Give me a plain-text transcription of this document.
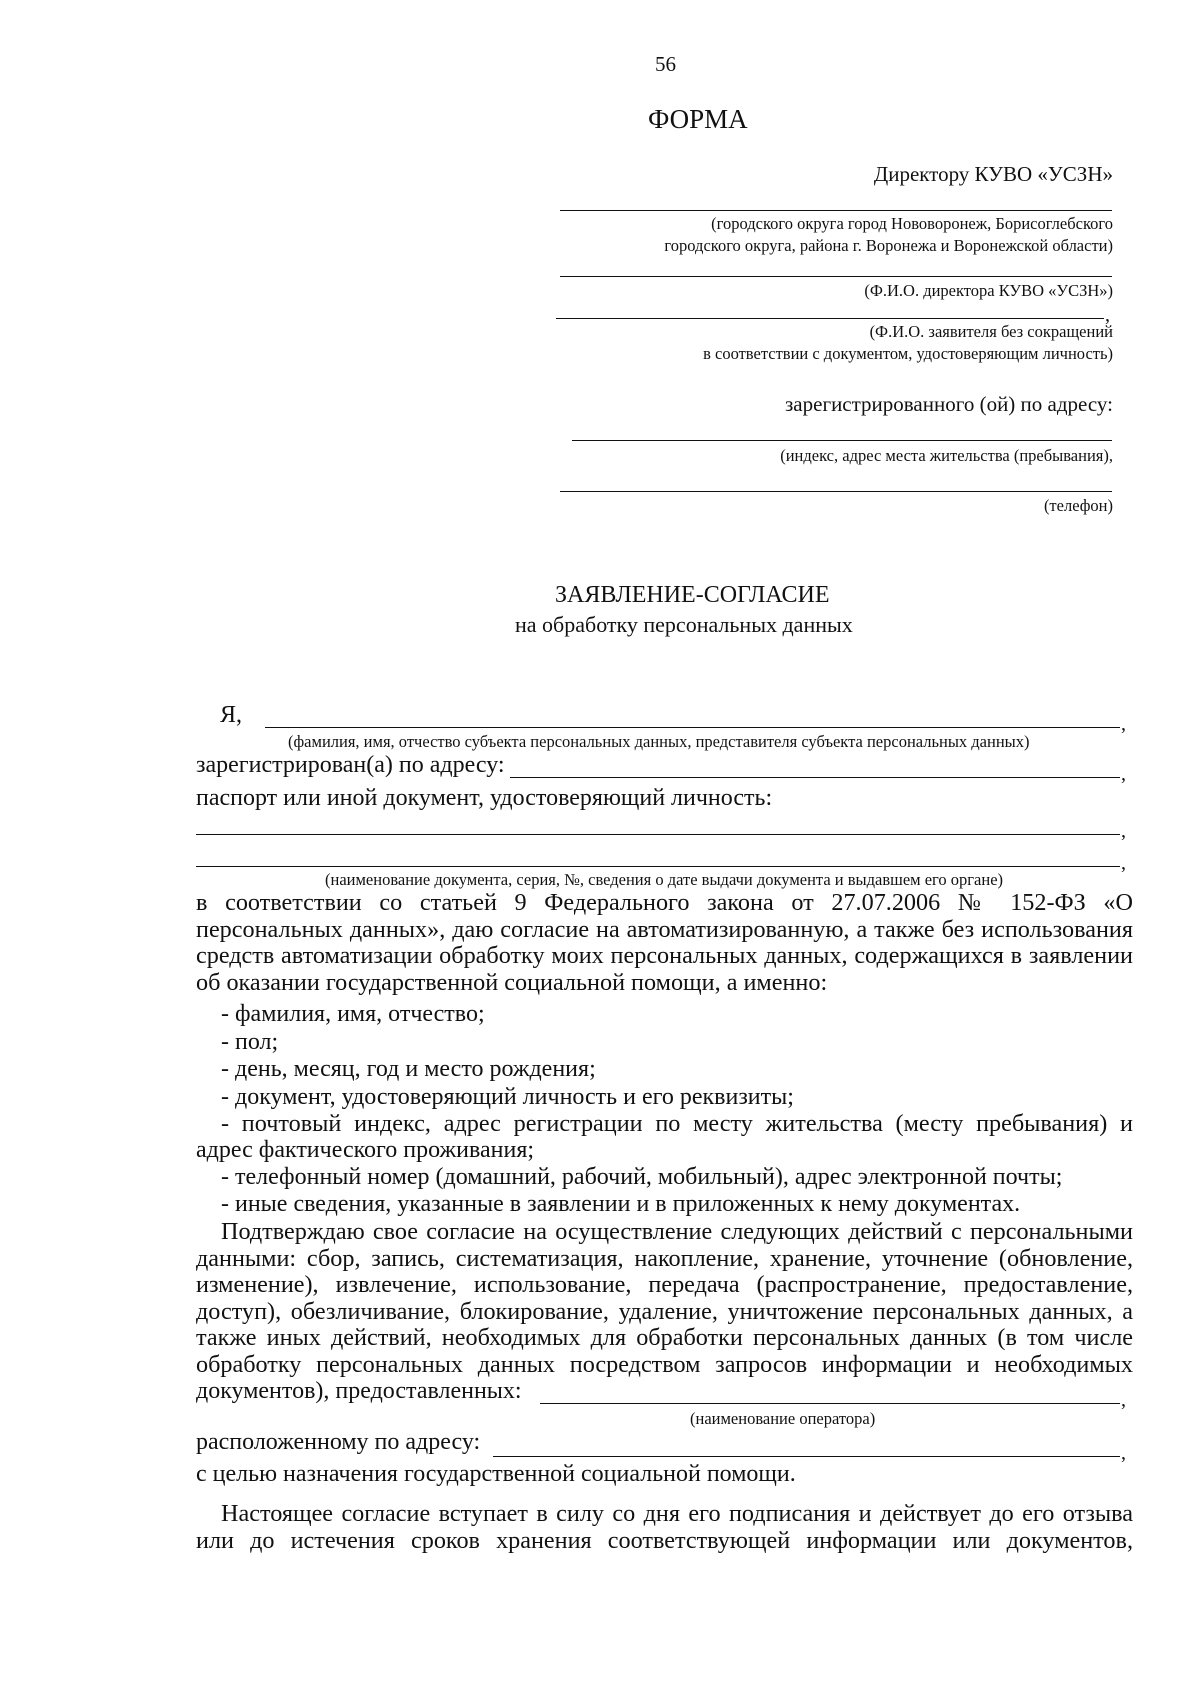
56
ФОРМА
Директору КУВО «УСЗН»
(городского округа город Нововоронеж, Борисоглебского
городского округа, района г. Воронежа и Воронежской области)
(Ф.И.О. директора КУВО «УСЗН»)
,
(Ф.И.О. заявителя без сокращений
в соответствии с документом, удостоверяющим личность)
зарегистрированного (ой) по адресу:
(индекс, адрес места жительства (пребывания),
(телефон)
ЗАЯВЛЕНИЕ-СОГЛАСИЕ
на обработку персональных данных
Я,	,
(фамилия, имя, отчество субъекта персональных данных, представителя субъекта персональных данных)
зарегистрирован(а) по адресу:	,
паспорт или иной документ, удостоверяющий личность:
,
,
(наименование документа, серия, №, сведения о дате выдачи документа и выдавшем его органе)
в соответствии со статьей 9 Федерального закона от 27.07.2006 № 152-ФЗ «О
персональных данных», даю согласие на автоматизированную, а также без использования
средств автоматизации обработку моих персональных данных, содержащихся в заявлении
об оказании государственной социальной помощи, а именно:
- фамилия, имя, отчество;
- пол;
- день, месяц, год и место рождения;
- документ, удостоверяющий личность и его реквизиты;
- почтовый индекс, адрес регистрации по месту жительства (месту пребывания) и
адрес фактического проживания;
- телефонный номер (домашний, рабочий, мобильный), адрес электронной почты;
- иные сведения, указанные в заявлении и в приложенных к нему документах.
Подтверждаю свое согласие на осуществление следующих действий с персональными
данными: сбор, запись, систематизация, накопление, хранение, уточнение (обновление,
изменение), извлечение, использование, передача (распространение, предоставление,
доступ), обезличивание, блокирование, удаление, уничтожение персональных данных, а
также иных действий, необходимых для обработки персональных данных (в том числе
обработку персональных данных посредством запросов информации и необходимых
документов), предоставленных:	,
(наименование оператора)
расположенному по адресу:	,
с целью назначения государственной социальной помощи.
Настоящее согласие вступает в силу со дня его подписания и действует до его отзыва
или до истечения сроков хранения соответствующей информации или документов,
